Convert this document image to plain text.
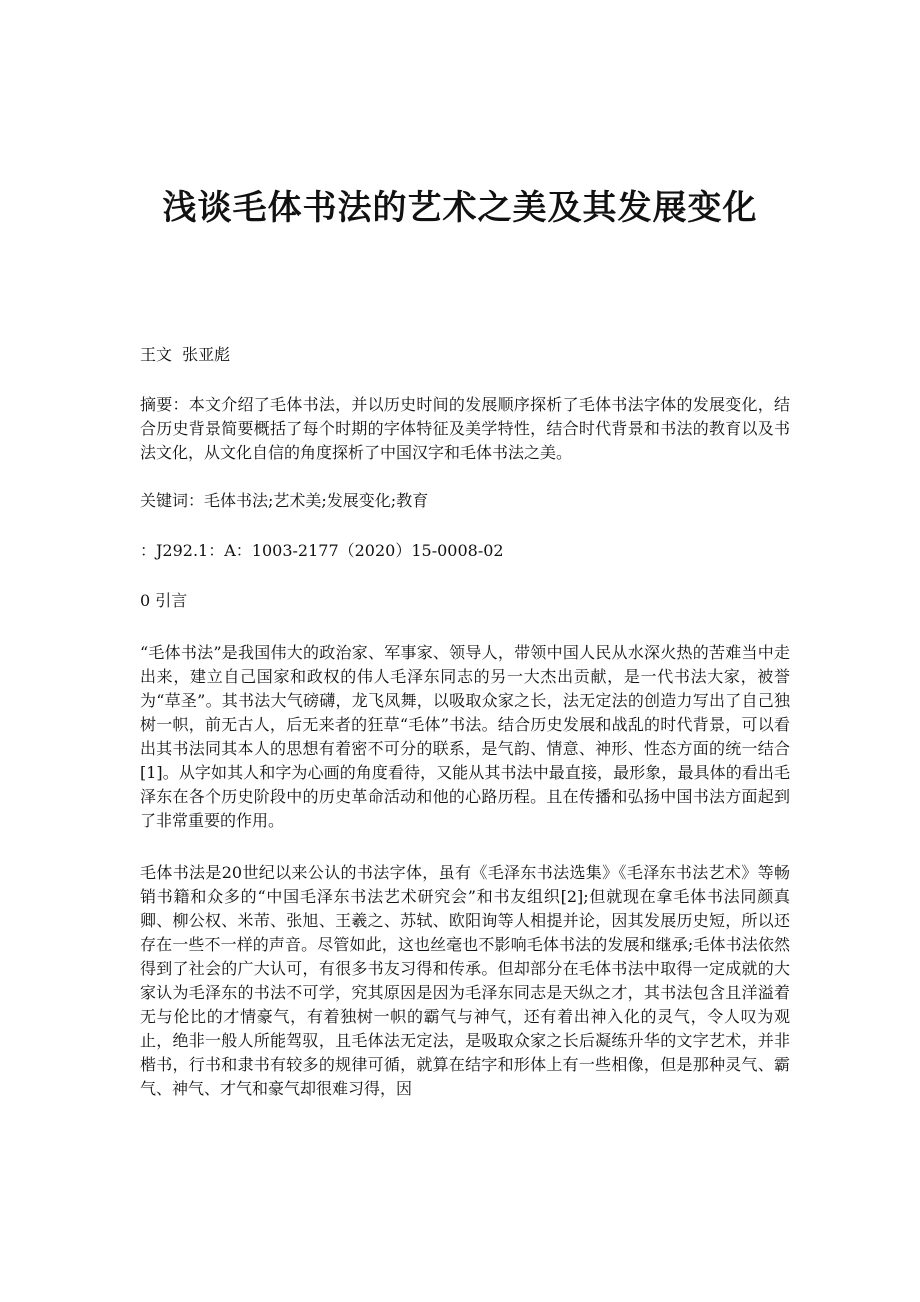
浅谈毛体书法的艺术之美及其发展变化

王文  张亚彪

摘要：本文介绍了毛体书法，并以历史时间的发展顺序探析了毛体书法字体的发展变化，结合历史背景简要概括了每个时期的字体特征及美学特性，结合时代背景和书法的教育以及书法文化，从文化自信的角度探析了中国汉字和毛体书法之美。

关键词：毛体书法;艺术美;发展变化;教育

：J292.1：A：1003-2177（2020）15-0008-02

0 引言

“毛体书法”是我国伟大的政治家、军事家、领导人，带领中国人民从水深火热的苦难当中走出来，建立自己国家和政权的伟人毛泽东同志的另一大杰出贡献，是一代书法大家，被誉为“草圣”。其书法大气磅礴，龙飞凤舞，以吸取众家之长，法无定法的创造力写出了自己独树一帜，前无古人，后无来者的狂草“毛体”书法。结合历史发展和战乱的时代背景，可以看出其书法同其本人的思想有着密不可分的联系，是气韵、情意、神形、性态方面的统一结合[1]。从字如其人和字为心画的角度看待，又能从其书法中最直接，最形象，最具体的看出毛泽东在各个历史阶段中的历史革命活动和他的心路历程。且在传播和弘扬中国书法方面起到了非常重要的作用。

毛体书法是20世纪以来公认的书法字体，虽有《毛泽东书法选集》《毛泽东书法艺术》等畅销书籍和众多的“中国毛泽东书法艺术研究会”和书友组织[2];但就现在拿毛体书法同颜真卿、柳公权、米芾、张旭、王羲之、苏轼、欧阳询等人相提并论，因其发展历史短，所以还存在一些不一样的声音。尽管如此，这也丝毫也不影响毛体书法的发展和继承;毛体书法依然得到了社会的广大认可，有很多书友习得和传承。但却部分在毛体书法中取得一定成就的大家认为毛泽东的书法不可学，究其原因是因为毛泽东同志是天纵之才，其书法包含且洋溢着无与伦比的才情豪气，有着独树一帜的霸气与神气，还有着出神入化的灵气，令人叹为观止，绝非一般人所能驾驭，且毛体法无定法，是吸取众家之长后凝练升华的文字艺术，并非楷书，行书和隶书有较多的规律可循，就算在结字和形体上有一些相像，但是那种灵气、霸气、神气、才气和豪气却很难习得，因
